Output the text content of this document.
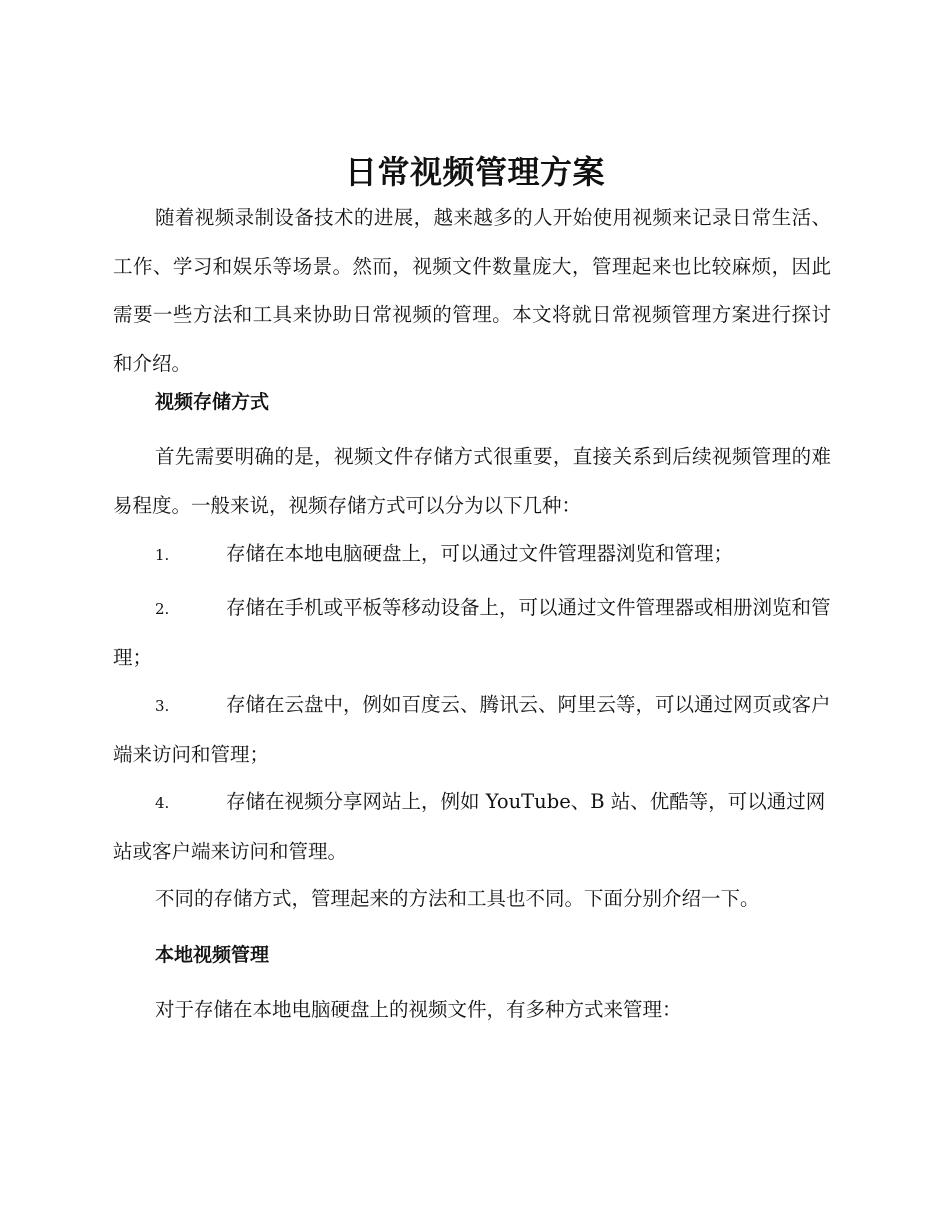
日常视频管理方案
随着视频录制设备技术的进展，越来越多的人开始使用视频来记录日常生活、工作、学习和娱乐等场景。然而，视频文件数量庞大，管理起来也比较麻烦，因此需要一些方法和工具来协助日常视频的管理。本文将就日常视频管理方案进行探讨和介绍。
视频存储方式
首先需要明确的是，视频文件存储方式很重要，直接关系到后续视频管理的难易程度。一般来说，视频存储方式可以分为以下几种：
1.	存储在本地电脑硬盘上，可以通过文件管理器浏览和管理；
2.	存储在手机或平板等移动设备上，可以通过文件管理器或相册浏览和管理；
3.	存储在云盘中，例如百度云、腾讯云、阿里云等，可以通过网页或客户端来访问和管理；
4.	存储在视频分享网站上，例如 YouTube、B 站、优酷等，可以通过网站或客户端来访问和管理。
不同的存储方式，管理起来的方法和工具也不同。下面分别介绍一下。
本地视频管理
对于存储在本地电脑硬盘上的视频文件，有多种方式来管理：
